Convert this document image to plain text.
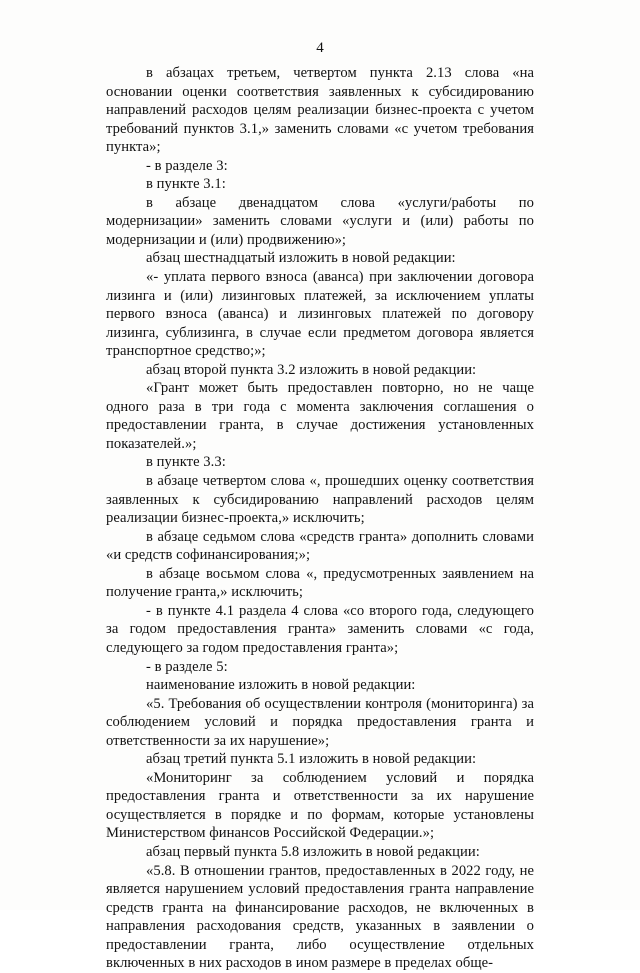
4

в абзацах третьем, четвертом пункта 2.13 слова «на основании оценки соответствия заявленных к субсидированию направлений расходов целям реализации бизнес-проекта с учетом требований пунктов 3.1,» заменить словами «с учетом требования пункта»;

- в разделе 3:

в пункте 3.1:

в абзаце двенадцатом слова «услуги/работы по модернизации» заменить словами «услуги и (или) работы по модернизации и (или) продвижению»;

абзац шестнадцатый изложить в новой редакции:

«- уплата первого взноса (аванса) при заключении договора лизинга и (или) лизинговых платежей, за исключением уплаты первого взноса (аванса) и лизинговых платежей по договору лизинга, сублизинга, в случае если предметом договора является транспортное средство;»;

абзац второй пункта 3.2 изложить в новой редакции:

«Грант может быть предоставлен повторно, но не чаще одного раза в три года с момента заключения соглашения о предоставлении гранта, в случае достижения установленных показателей.»;

в пункте 3.3:

в абзаце четвертом слова «, прошедших оценку соответствия заявленных к субсидированию направлений расходов целям реализации бизнес-проекта,» исключить;

в абзаце седьмом слова «средств гранта» дополнить словами «и средств софинансирования;»;

в абзаце восьмом слова «, предусмотренных заявлением на получение гранта,» исключить;

- в пункте 4.1 раздела 4 слова «со второго года, следующего за годом предоставления гранта» заменить словами «с года, следующего за годом предоставления гранта»;

- в разделе 5:

наименование изложить в новой редакции:

«5. Требования об осуществлении контроля (мониторинга) за соблюдением условий и порядка предоставления гранта и ответственности за их нарушение»;

абзац третий пункта 5.1 изложить в новой редакции:

«Мониторинг за соблюдением условий и порядка предоставления гранта и ответственности за их нарушение осуществляется в порядке и по формам, которые установлены Министерством финансов Российской Федерации.»;

абзац первый пункта 5.8 изложить в новой редакции:

«5.8. В отношении грантов, предоставленных в 2022 году, не является нарушением условий предоставления гранта направление средств гранта на финансирование расходов, не включенных в направления расходования средств, указанных в заявлении о предоставлении гранта, либо осуществление отдельных включенных в них расходов в ином размере в пределах обще-
